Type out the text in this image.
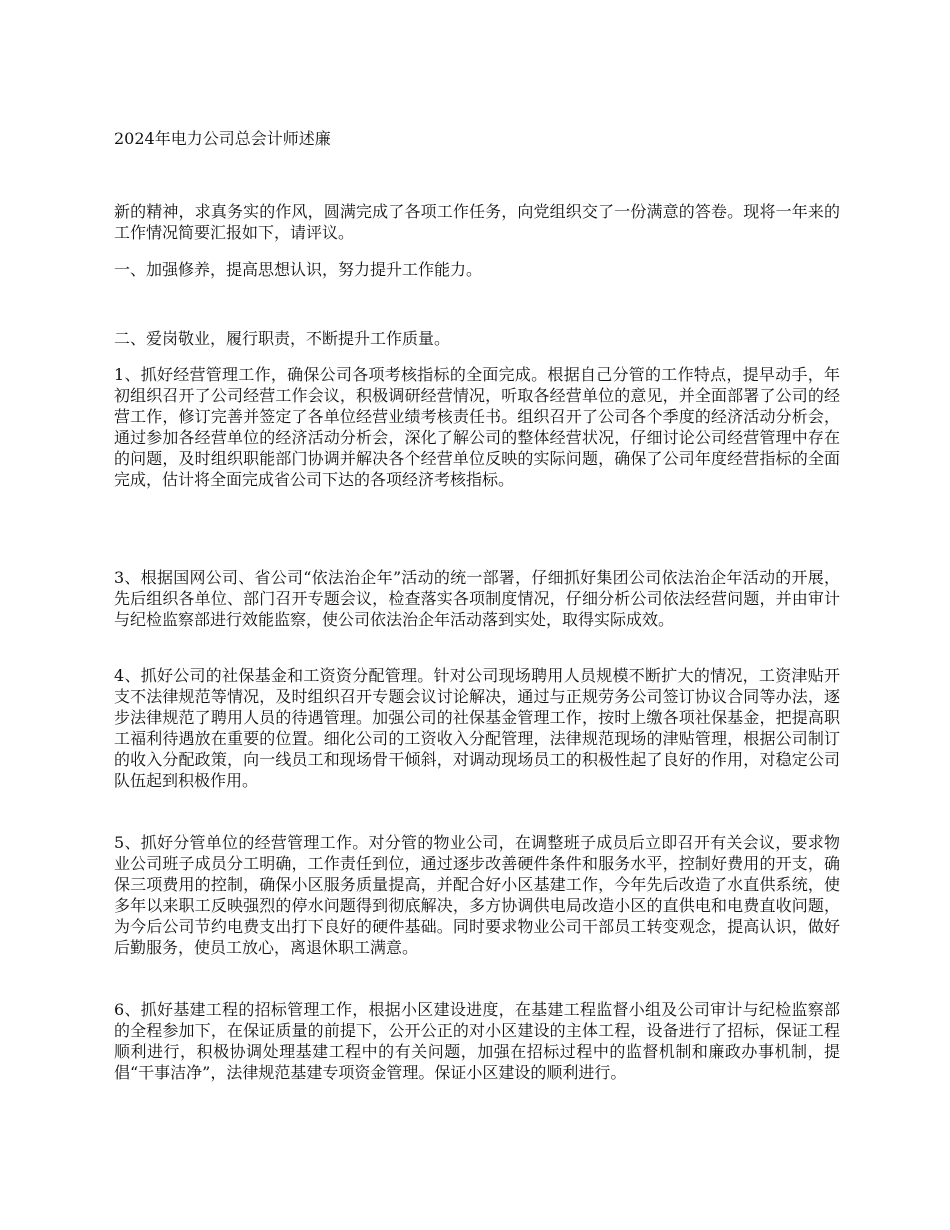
2024年电力公司总会计师述廉

新的精神，求真务实的作风，圆满完成了各项工作任务，向党组织交了一份满意的答卷。现将一年来的工作情况简要汇报如下，请评议。

一、加强修养，提高思想认识，努力提升工作能力。

二、爱岗敬业，履行职责，不断提升工作质量。

1、抓好经营管理工作，确保公司各项考核指标的全面完成。根据自己分管的工作特点，提早动手，年初组织召开了公司经营工作会议，积极调研经营情况，听取各经营单位的意见，并全面部署了公司的经营工作，修订完善并签定了各单位经营业绩考核责任书。组织召开了公司各个季度的经济活动分析会，通过参加各经营单位的经济活动分析会，深化了解公司的整体经营状况，仔细讨论公司经营管理中存在的问题，及时组织职能部门协调并解决各个经营单位反映的实际问题，确保了公司年度经营指标的全面完成，估计将全面完成省公司下达的各项经济考核指标。

3、根据国网公司、省公司“依法治企年”活动的统一部署，仔细抓好集团公司依法治企年活动的开展，先后组织各单位、部门召开专题会议，检查落实各项制度情况，仔细分析公司依法经营问题，并由审计与纪检监察部进行效能监察，使公司依法治企年活动落到实处，取得实际成效。

4、抓好公司的社保基金和工资资分配管理。针对公司现场聘用人员规模不断扩大的情况，工资津贴开支不法律规范等情况，及时组织召开专题会议讨论解决，通过与正规劳务公司签订协议合同等办法，逐步法律规范了聘用人员的待遇管理。加强公司的社保基金管理工作，按时上缴各项社保基金，把提高职工福利待遇放在重要的位置。细化公司的工资收入分配管理，法律规范现场的津贴管理，根据公司制订的收入分配政策，向一线员工和现场骨干倾斜，对调动现场员工的积极性起了良好的作用，对稳定公司队伍起到积极作用。

5、抓好分管单位的经营管理工作。对分管的物业公司，在调整班子成员后立即召开有关会议，要求物业公司班子成员分工明确，工作责任到位，通过逐步改善硬件条件和服务水平，控制好费用的开支，确保三项费用的控制，确保小区服务质量提高，并配合好小区基建工作，今年先后改造了水直供系统，使多年以来职工反映强烈的停水问题得到彻底解决，多方协调供电局改造小区的直供电和电费直收问题，为今后公司节约电费支出打下良好的硬件基础。同时要求物业公司干部员工转变观念，提高认识，做好后勤服务，使员工放心，离退休职工满意。

6、抓好基建工程的招标管理工作，根据小区建设进度，在基建工程监督小组及公司审计与纪检监察部的全程参加下，在保证质量的前提下，公开公正的对小区建设的主体工程，设备进行了招标，保证工程顺利进行，积极协调处理基建工程中的有关问题，加强在招标过程中的监督机制和廉政办事机制，提倡“干事洁净”，法律规范基建专项资金管理。保证小区建设的顺利进行。
